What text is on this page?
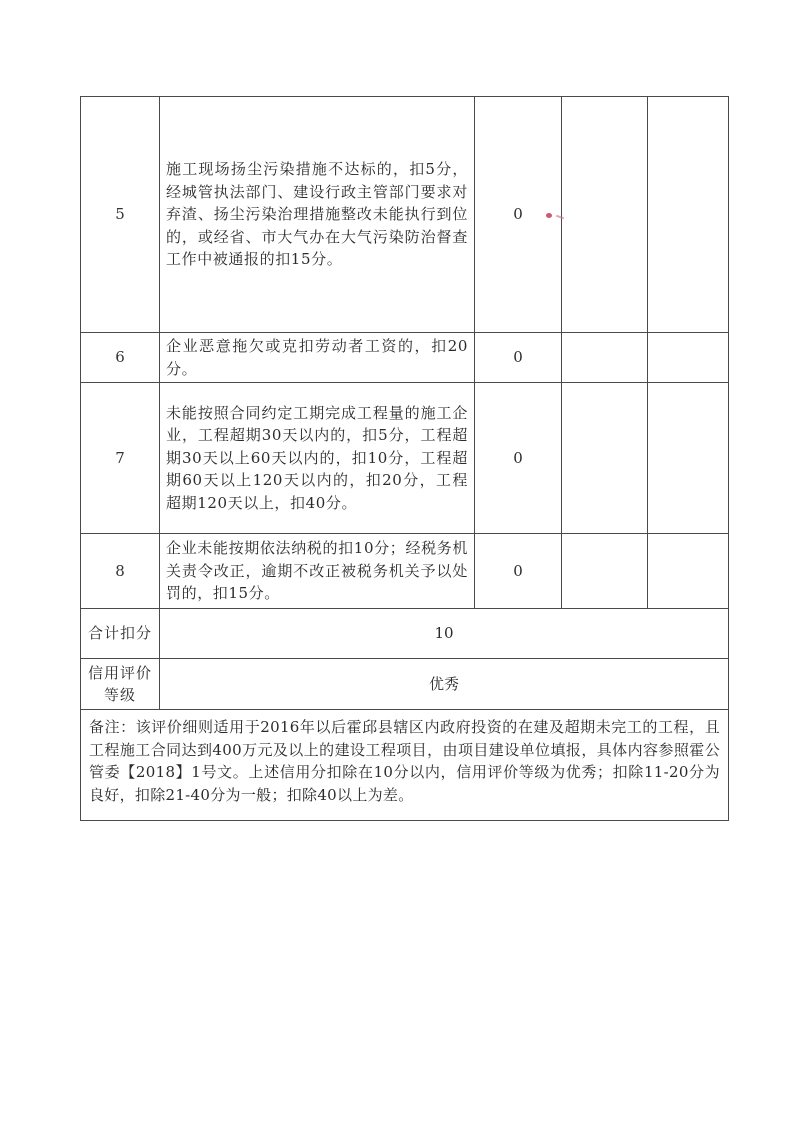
5	施工现场扬尘污染措施不达标的，扣5分，经城管执法部门、建设行政主管部门要求对弃渣、扬尘污染治理措施整改未能执行到位的，或经省、市大气办在大气污染防治督查工作中被通报的扣15分。	0		
6	企业恶意拖欠或克扣劳动者工资的，扣20分。	0		
7	未能按照合同约定工期完成工程量的施工企业，工程超期30天以内的，扣5分，工程超期30天以上60天以内的，扣10分，工程超期60天以上120天以内的，扣20分，工程超期120天以上，扣40分。	0		
8	企业未能按期依法纳税的扣10分；经税务机关责令改正，逾期不改正被税务机关予以处罚的，扣15分。	0		
合计扣分	10			
信用评价等级	优秀			
备注：该评价细则适用于2016年以后霍邱县辖区内政府投资的在建及超期未完工的工程，且工程施工合同达到400万元及以上的建设工程项目，由项目建设单位填报，具体内容参照霍公管委【2018】1号文。上述信用分扣除在10分以内，信用评价等级为优秀；扣除11-20分为良好，扣除21-40分为一般；扣除40以上为差。				
